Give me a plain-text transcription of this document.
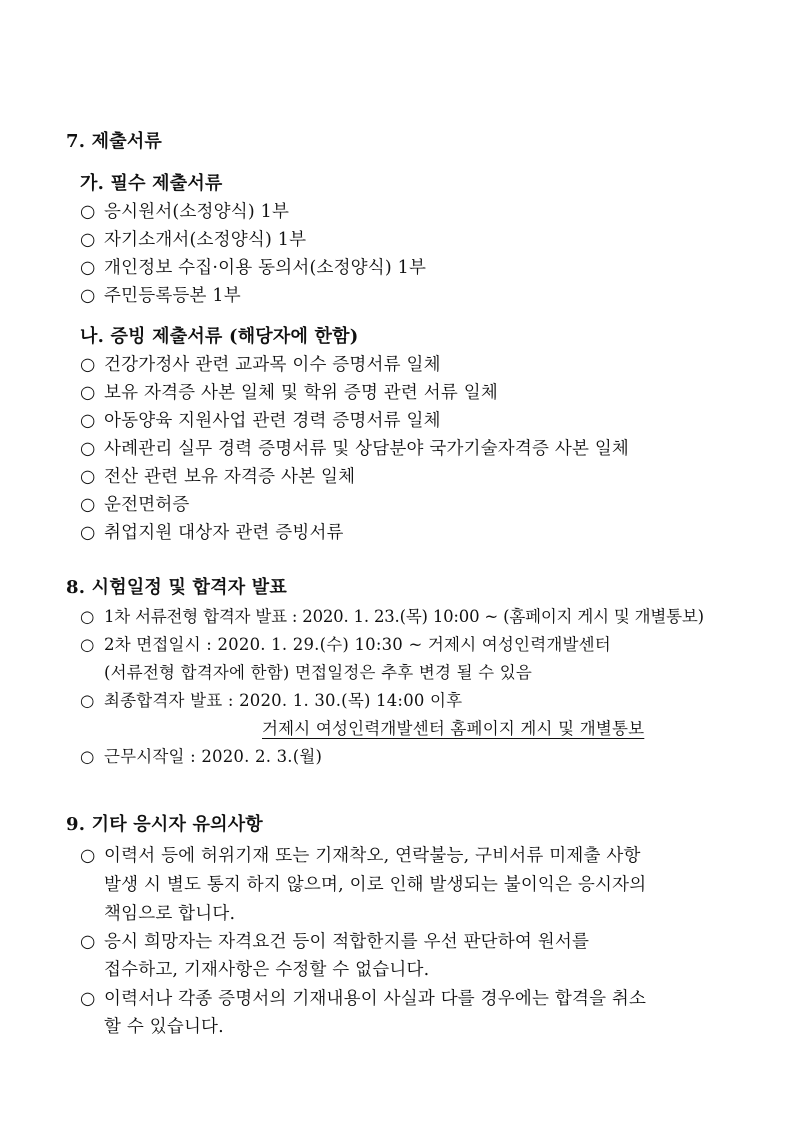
7. 제출서류
가. 필수 제출서류
○ 응시원서(소정양식) 1부
○ 자기소개서(소정양식) 1부
○ 개인정보 수집·이용 동의서(소정양식) 1부
○ 주민등록등본 1부
나. 증빙 제출서류 (해당자에 한함)
○ 건강가정사 관련 교과목 이수 증명서류 일체
○ 보유 자격증 사본 일체 및 학위 증명 관련 서류 일체
○ 아동양육 지원사업 관련 경력 증명서류 일체
○ 사례관리 실무 경력 증명서류 및 상담분야 국가기술자격증 사본 일체
○ 전산 관련 보유 자격증 사본 일체
○ 운전면허증
○ 취업지원 대상자 관련 증빙서류
8. 시험일정 및 합격자 발표
○ 1차 서류전형 합격자 발표 : 2020. 1. 23.(목) 10:00 ~ (홈페이지 게시 및 개별통보)
○ 2차 면접일시 : 2020. 1. 29.(수) 10:30 ~ 거제시 여성인력개발센터
(서류전형 합격자에 한함) 면접일정은 추후 변경 될 수 있음
○ 최종합격자 발표 : 2020. 1. 30.(목) 14:00 이후
거제시 여성인력개발센터 홈페이지 게시 및 개별통보
○ 근무시작일 : 2020. 2. 3.(월)
9. 기타 응시자 유의사항
○ 이력서 등에 허위기재 또는 기재착오, 연락불능, 구비서류 미제출 사항
발생 시 별도 통지 하지 않으며, 이로 인해 발생되는 불이익은 응시자의
책임으로 합니다.
○ 응시 희망자는 자격요건 등이 적합한지를 우선 판단하여 원서를
접수하고, 기재사항은 수정할 수 없습니다.
○ 이력서나 각종 증명서의 기재내용이 사실과 다를 경우에는 합격을 취소
할 수 있습니다.
